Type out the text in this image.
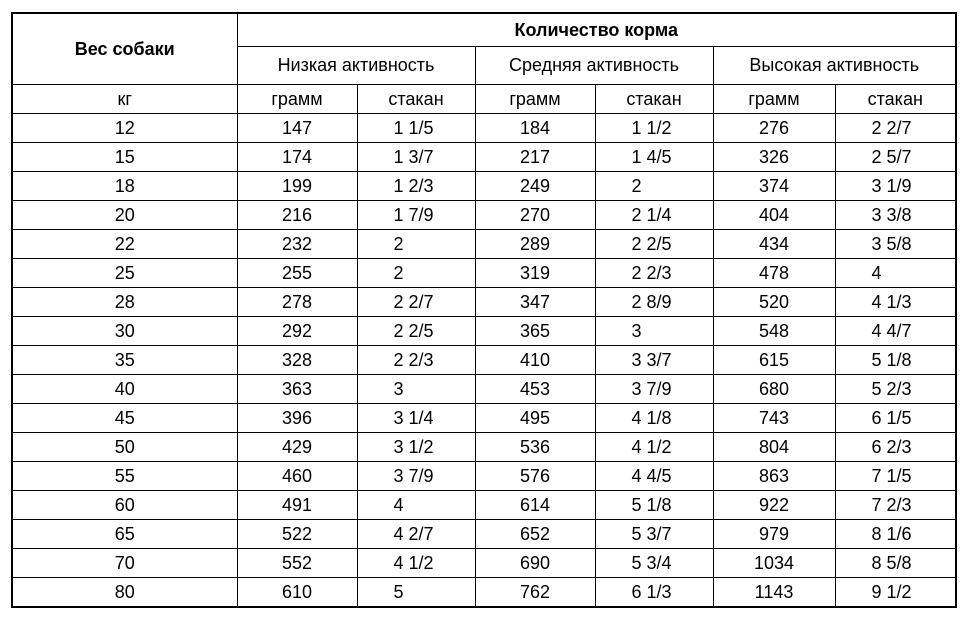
Вес собаки	Количество корма					
	Низкая активность		Средняя активность		Высокая активность	
кг	грамм	стакан	грамм	стакан	грамм	стакан
12	147	1 1/5	184	1 1/2	276	2 2/7
15	174	1 3/7	217	1 4/5	326	2 5/7
18	199	1 2/3	249	2	374	3 1/9
20	216	1 7/9	270	2 1/4	404	3 3/8
22	232	2	289	2 2/5	434	3 5/8
25	255	2	319	2 2/3	478	4
28	278	2 2/7	347	2 8/9	520	4 1/3
30	292	2 2/5	365	3	548	4 4/7
35	328	2 2/3	410	3 3/7	615	5 1/8
40	363	3	453	3 7/9	680	5 2/3
45	396	3 1/4	495	4 1/8	743	6 1/5
50	429	3 1/2	536	4 1/2	804	6 2/3
55	460	3 7/9	576	4 4/5	863	7 1/5
60	491	4	614	5 1/8	922	7 2/3
65	522	4 2/7	652	5 3/7	979	8 1/6
70	552	4 1/2	690	5 3/4	1034	8 5/8
80	610	5	762	6 1/3	1143	9 1/2
